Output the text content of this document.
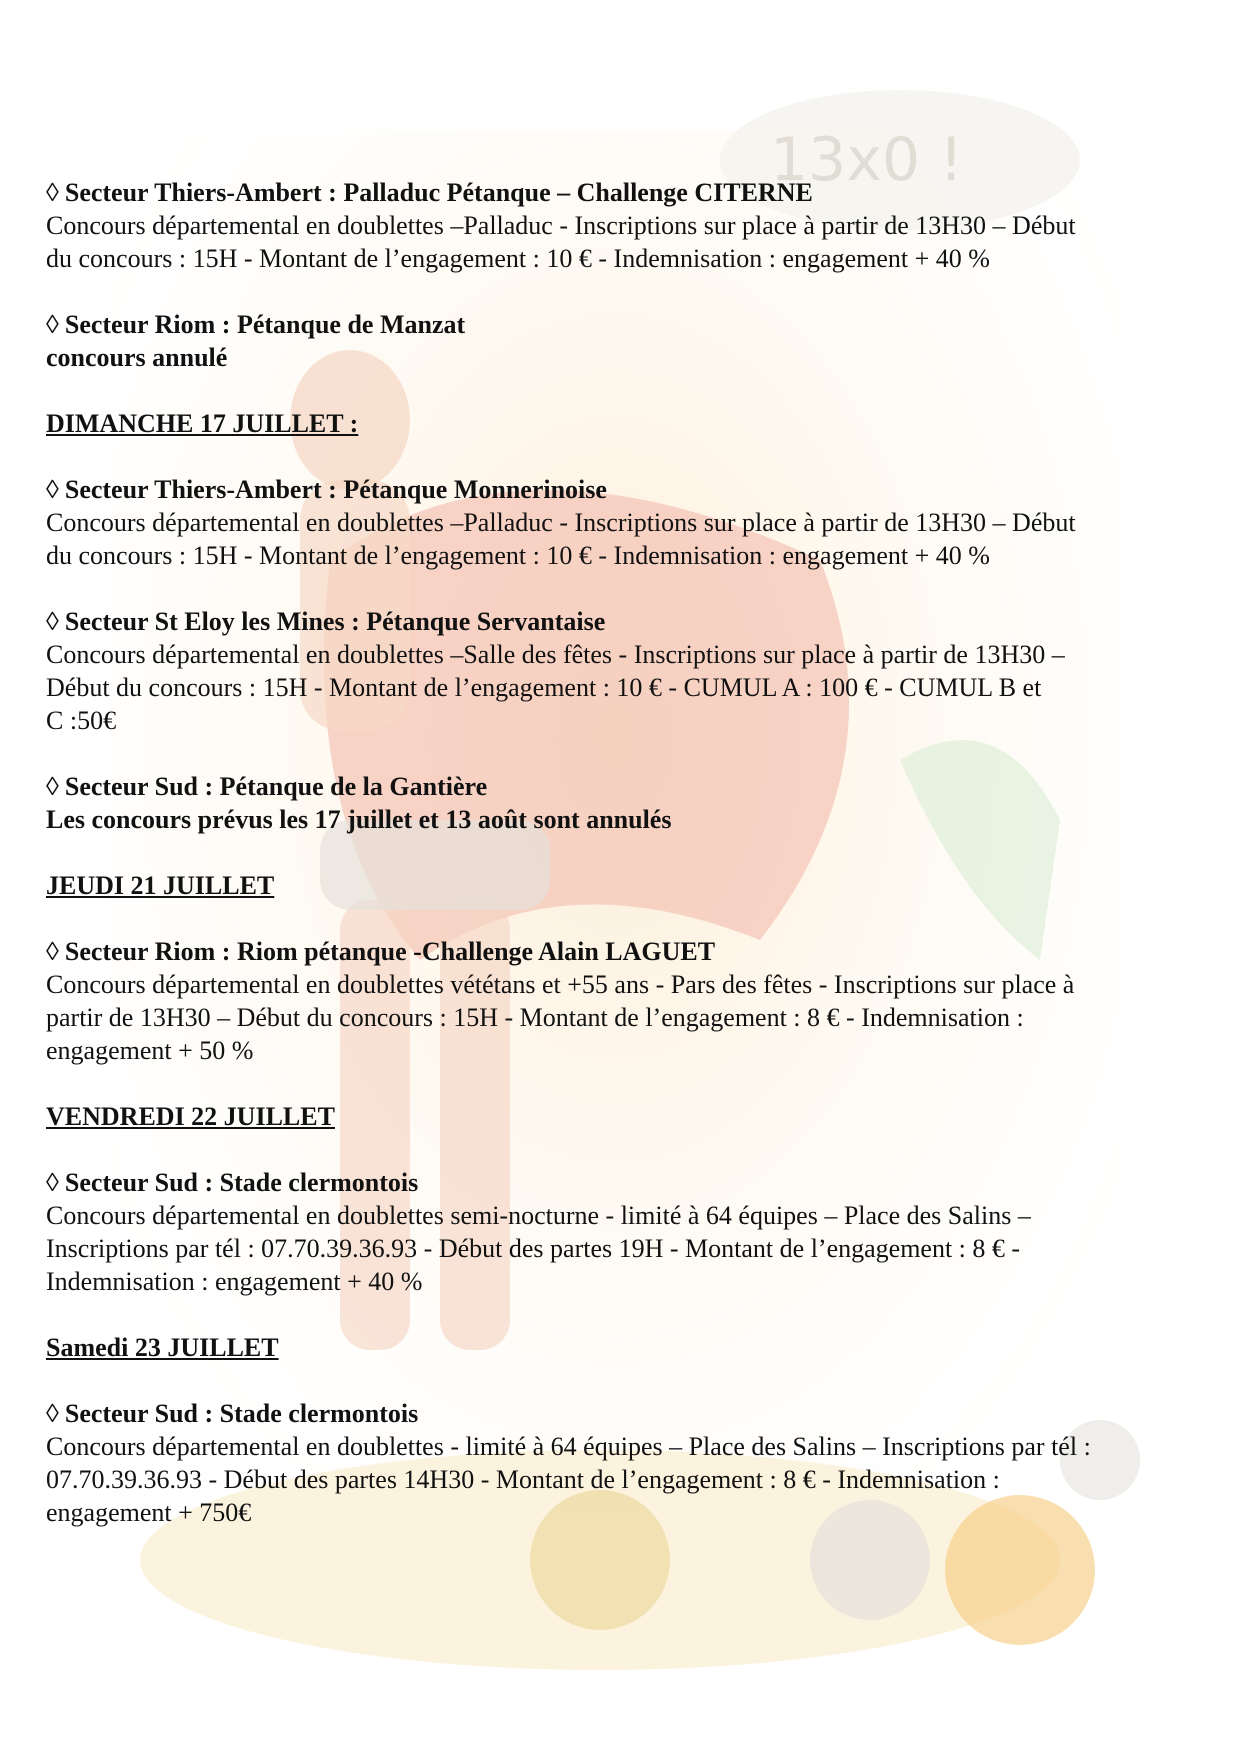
13x0 !
◊ Secteur Thiers-Ambert : Palladuc Pétanque – Challenge CITERNE
Concours départemental en doublettes –Palladuc - Inscriptions sur place à partir de 13H30 – Début
du concours : 15H - Montant de l’engagement : 10 € - Indemnisation : engagement + 40 %
◊ Secteur Riom : Pétanque de Manzat
concours annulé
DIMANCHE 17 JUILLET :
◊ Secteur Thiers-Ambert : Pétanque Monnerinoise
Concours départemental en doublettes –Palladuc - Inscriptions sur place à partir de 13H30 – Début
du concours : 15H - Montant de l’engagement : 10 € - Indemnisation : engagement + 40 %
◊ Secteur St Eloy les Mines : Pétanque Servantaise
Concours départemental en doublettes –Salle des fêtes - Inscriptions sur place à partir de 13H30 –
Début du concours : 15H - Montant de l’engagement : 10 € - CUMUL A : 100 € - CUMUL B et
C :50€
◊ Secteur Sud : Pétanque de la Gantière
Les concours prévus les 17 juillet et 13 août sont annulés
JEUDI 21 JUILLET
◊ Secteur Riom : Riom pétanque -Challenge Alain LAGUET
Concours départemental en doublettes vététans et +55 ans - Pars des fêtes - Inscriptions sur place à
partir de 13H30 – Début du concours : 15H - Montant de l’engagement : 8 € - Indemnisation :
engagement + 50 %
VENDREDI 22 JUILLET
◊ Secteur Sud : Stade clermontois
Concours départemental en doublettes semi-nocturne - limité à 64 équipes – Place des Salins –
Inscriptions par tél : 07.70.39.36.93 - Début des partes 19H - Montant de l’engagement : 8 € -
Indemnisation : engagement + 40 %
Samedi 23 JUILLET
◊ Secteur Sud : Stade clermontois
Concours départemental en doublettes - limité à 64 équipes – Place des Salins – Inscriptions par tél :
07.70.39.36.93 - Début des partes 14H30 - Montant de l’engagement : 8 € - Indemnisation :
engagement + 750€
